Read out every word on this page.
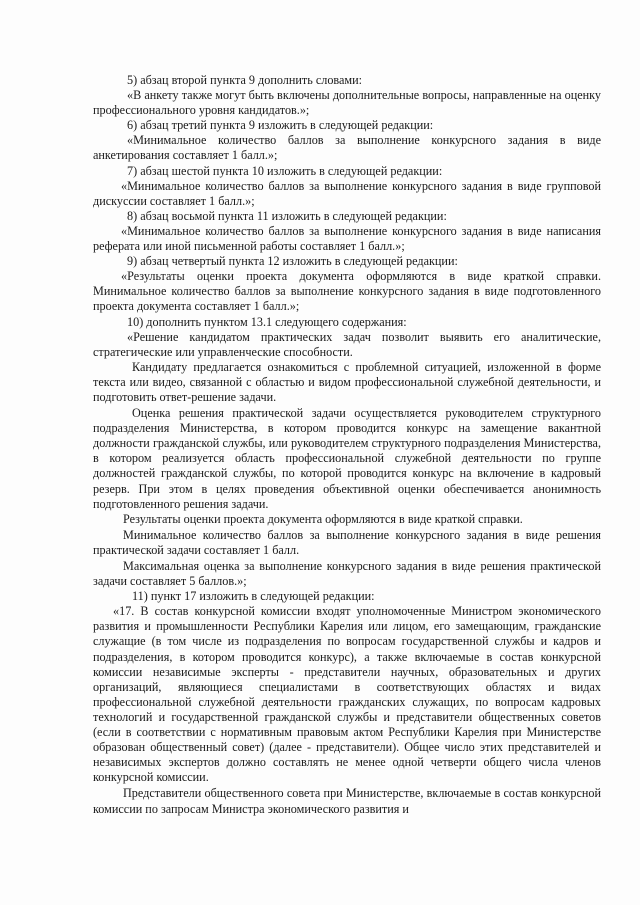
5) абзац второй пункта 9 дополнить словами:

«В анкету также могут быть включены дополнительные вопросы, направленные на оценку профессионального уровня кандидатов.»;

6) абзац третий пункта 9 изложить в следующей редакции:

«Минимальное количество баллов за выполнение конкурсного задания в виде анкетирования составляет 1 балл.»;

7) абзац шестой пункта 10 изложить в следующей редакции:

«Минимальное количество баллов за выполнение конкурсного задания в виде групповой дискуссии составляет 1 балл.»;

8) абзац восьмой пункта 11 изложить в следующей редакции:

«Минимальное количество баллов за выполнение конкурсного задания в виде написания реферата или иной письменной работы составляет 1 балл.»;

9) абзац четвертый пункта 12 изложить в следующей редакции:

«Результаты оценки проекта документа оформляются в виде краткой справки. Минимальное количество баллов за выполнение конкурсного задания в виде подготовленного проекта документа составляет 1 балл.»;

10) дополнить пунктом 13.1 следующего содержания:

«Решение кандидатом практических задач позволит выявить его аналитические, стратегические или управленческие способности.

Кандидату предлагается ознакомиться с проблемной ситуацией, изложенной в форме текста или видео, связанной с областью и видом профессиональной служебной деятельности, и подготовить ответ-решение задачи.

Оценка решения практической задачи осуществляется руководителем структурного подразделения Министерства, в котором проводится конкурс на замещение вакантной должности гражданской службы, или руководителем структурного подразделения Министерства, в котором реализуется область профессиональной служебной деятельности по группе должностей гражданской службы, по которой проводится конкурс на включение в кадровый резерв. При этом в целях проведения объективной оценки обеспечивается анонимность подготовленного решения задачи.

Результаты оценки проекта документа оформляются в виде краткой справки.

Минимальное количество баллов за выполнение конкурсного задания в виде решения практической задачи составляет 1 балл.

Максимальная оценка за выполнение конкурсного задания в виде решения практической задачи составляет 5 баллов.»;

11) пункт 17 изложить в следующей редакции:

«17. В состав конкурсной комиссии входят уполномоченные Министром экономического развития и промышленности Республики Карелия или лицом, его замещающим, гражданские служащие (в том числе из подразделения по вопросам государственной службы и кадров и подразделения, в котором проводится конкурс), а также включаемые в состав конкурсной комиссии независимые эксперты - представители научных, образовательных и других организаций, являющиеся специалистами в соответствующих областях и видах профессиональной служебной деятельности гражданских служащих, по вопросам кадровых технологий и государственной гражданской службы и представители общественных советов (если в соответствии с нормативным правовым актом Республики Карелия при Министерстве образован общественный совет) (далее - представители). Общее число этих представителей и независимых экспертов должно составлять не менее одной четверти общего числа членов конкурсной комиссии.

Представители общественного совета при Министерстве, включаемые в состав конкурсной комиссии по запросам Министра экономического развития и
